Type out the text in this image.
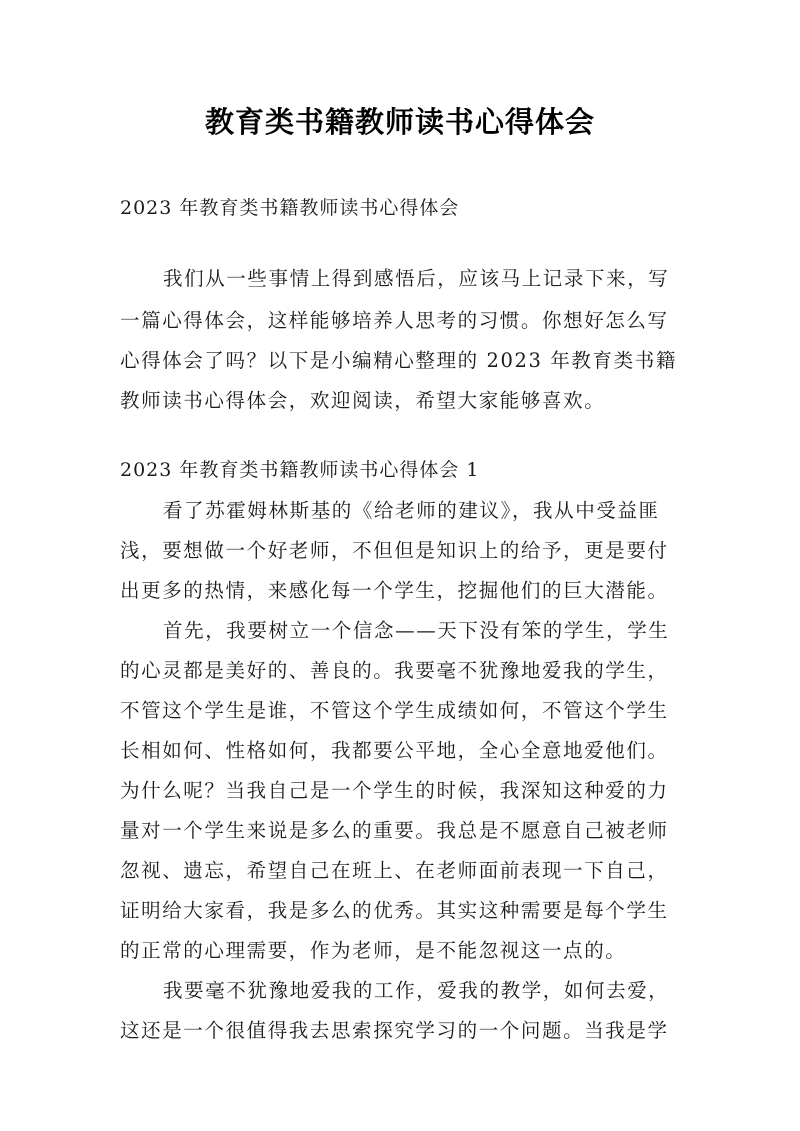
教育类书籍教师读书心得体会
2023 年教育类书籍教师读书心得体会
我们从一些事情上得到感悟后，应该马上记录下来，写
一篇心得体会，这样能够培养人思考的习惯。你想好怎么写
心得体会了吗？以下是小编精心整理的 2023 年教育类书籍
教师读书心得体会，欢迎阅读，希望大家能够喜欢。
2023 年教育类书籍教师读书心得体会 1
看了苏霍姆林斯基的《给老师的建议》，我从中受益匪
浅，要想做一个好老师，不但但是知识上的给予，更是要付
出更多的热情，来感化每一个学生，挖掘他们的巨大潜能。
首先，我要树立一个信念——天下没有笨的学生，学生
的心灵都是美好的、善良的。我要毫不犹豫地爱我的学生，
不管这个学生是谁，不管这个学生成绩如何，不管这个学生
长相如何、性格如何，我都要公平地，全心全意地爱他们。
为什么呢？当我自己是一个学生的时候，我深知这种爱的力
量对一个学生来说是多么的重要。我总是不愿意自己被老师
忽视、遗忘，希望自己在班上、在老师面前表现一下自己，
证明给大家看，我是多么的优秀。其实这种需要是每个学生
的正常的心理需要，作为老师，是不能忽视这一点的。
我要毫不犹豫地爱我的工作，爱我的教学，如何去爱，
这还是一个很值得我去思索探究学习的一个问题。当我是学
